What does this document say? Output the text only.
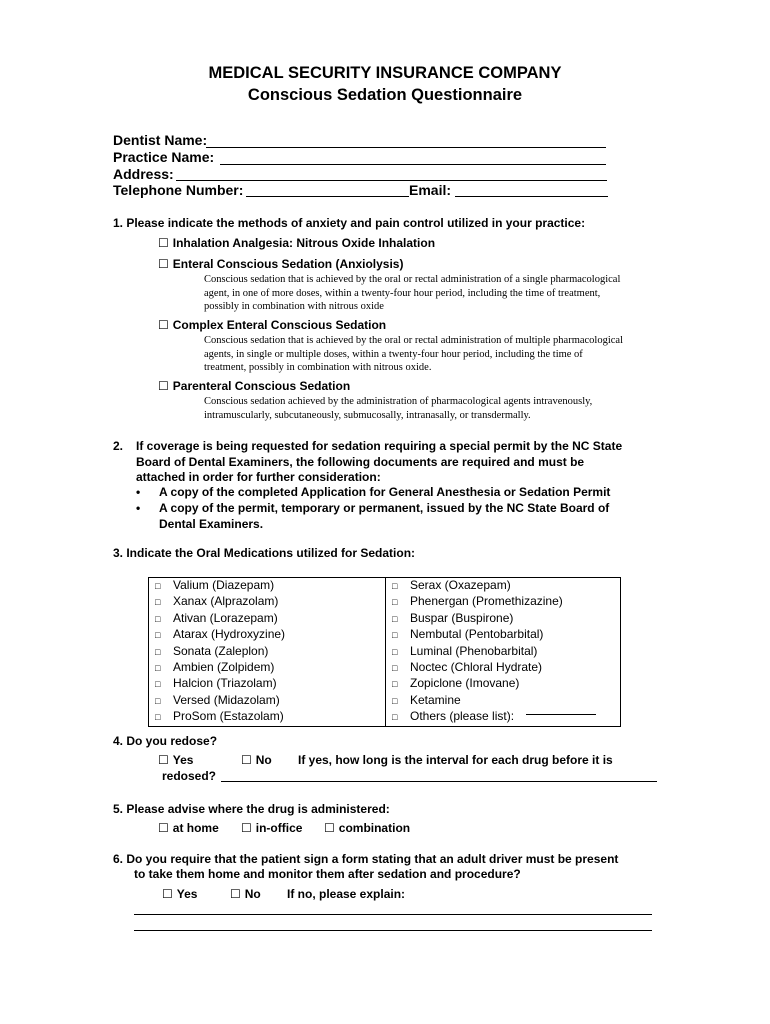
MEDICAL SECURITY INSURANCE COMPANY
Conscious Sedation Questionnaire
Dentist Name:
Practice Name:
Address:
Telephone Number:	Email:
1. Please indicate the methods of anxiety and pain control utilized in your practice:
☐ Inhalation Analgesia: Nitrous Oxide Inhalation
☐ Enteral Conscious Sedation (Anxiolysis)
Conscious sedation that is achieved by the oral or rectal administration of a single pharmacological
agent, in one of more doses, within a twenty-four hour period, including the time of treatment,
possibly in combination with nitrous oxide
☐ Complex Enteral Conscious Sedation
Conscious sedation that is achieved by the oral or rectal administration of multiple pharmacological
agents, in single or multiple doses, within a twenty-four hour period, including the time of
treatment, possibly in combination with nitrous oxide.
☐ Parenteral Conscious Sedation
Conscious sedation achieved by the administration of pharmacological agents intravenously,
intramuscularly, subcutaneously, submucosally, intranasally, or transdermally.
2. If coverage is being requested for sedation requiring a special permit by the NC State
Board of Dental Examiners, the following documents are required and must be
attached in order for further consideration:
• A copy of the completed Application for General Anesthesia or Sedation Permit
• A copy of the permit, temporary or permanent, issued by the NC State Board of
Dental Examiners.
3. Indicate the Oral Medications utilized for Sedation:
□ Valium (Diazepam)	□ Serax (Oxazepam)
□ Xanax (Alprazolam)	□ Phenergan (Promethizazine)
□ Ativan (Lorazepam)	□ Buspar (Buspirone)
□ Atarax (Hydroxyzine)	□ Nembutal (Pentobarbital)
□ Sonata (Zaleplon)	□ Luminal (Phenobarbital)
□ Ambien (Zolpidem)	□ Noctec (Chloral Hydrate)
□ Halcion (Triazolam)	□ Zopiclone (Imovane)
□ Versed (Midazolam)	□ Ketamine
□ ProSom (Estazolam)	□ Others (please list):
4. Do you redose?
☐ Yes	☐ No If yes, how long is the interval for each drug before it is
redosed?
5. Please advise where the drug is administered:
☐ at home ☐ in-office ☐ combination
6. Do you require that the patient sign a form stating that an adult driver must be present
to take them home and monitor them after sedation and procedure?
☐ Yes	☐ No If no, please explain:
